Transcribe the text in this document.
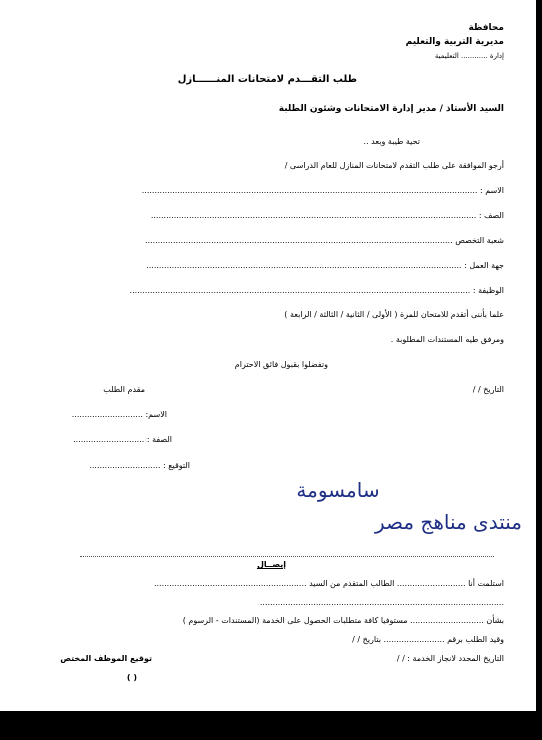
محافظة
مديرية التربية والتعليم
إدارة ............ التعليمية
طلب التقـــدم لامتحانات المنــــــازل
السيد الأستاذ / مدير إدارة الامتحانات وشئون الطلبة
تحية طيبة وبعد ..
أرجو الموافقة على طلب التقدم لامتحانات المنازل للعام الدراسى /
الاسم : ....................................................................................................................................
الصف : ................................................................................................................................
شعبة التخصص .........................................................................................................................
جهة العمل : ............................................................................................................................
الوظيفة : ......................................................................................................................................
علما بأننى أتقدم للامتحان للمرة ( الأولى / الثانية / الثالثة / الرابعة )
ومرفق طيه المستندات المطلوبة .
وتفضلوا بقبول فائق الاحترام
التاريخ / /
مقدم الطلب
الاسم: ............................
الصفة : ............................
التوقيع : ............................
سامسومة
منتدى مناهج مصر
إيصــال
استلمت أنا ........................... الطالب المتقدم من السيد ............................................................
................................................................................................
بشأن ............................. مستوفيا كافة متطلبات الحصول على الخدمة (المستندات - الرسوم )
وقيد الطلب برقم ........................ بتاريخ / /
التاريخ المحدد لانجاز الخدمة : / /
توقيع الموظف المختص
( )
